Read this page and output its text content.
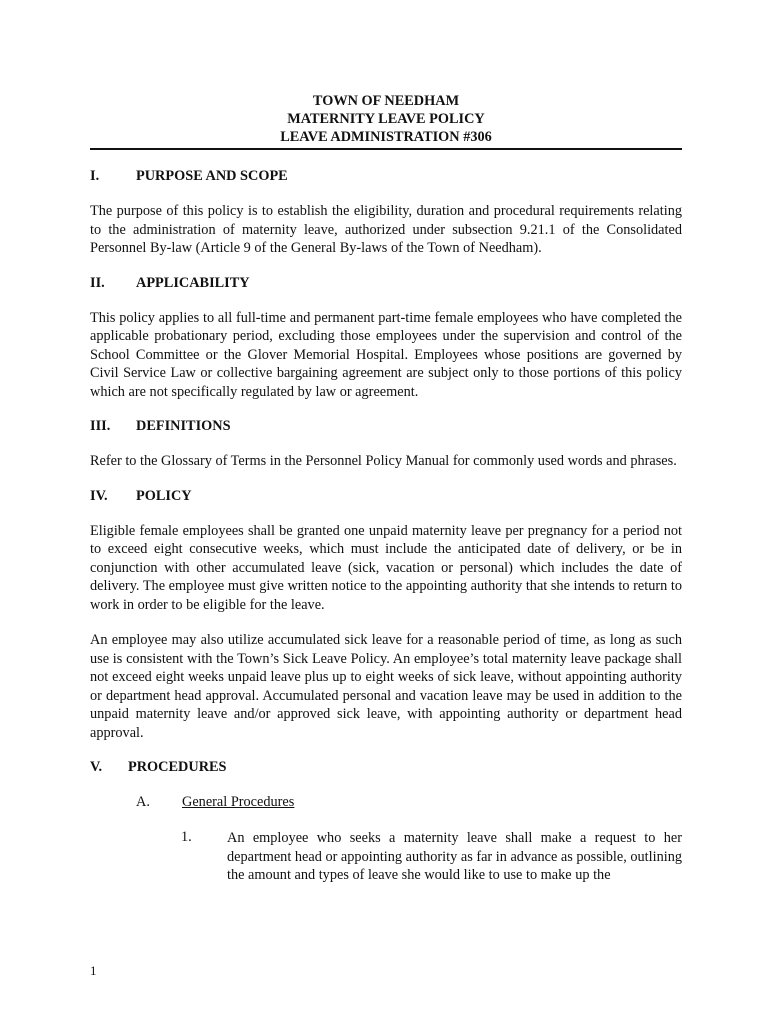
TOWN OF NEEDHAM
MATERNITY LEAVE POLICY
LEAVE ADMINISTRATION #306
I.	PURPOSE AND SCOPE

The purpose of this policy is to establish the eligibility, duration and procedural requirements relating to the administration of maternity leave, authorized under subsection 9.21.1 of the Consolidated Personnel By-law (Article 9 of the General By-laws of the Town of Needham).

II.	APPLICABILITY

This policy applies to all full-time and permanent part-time female employees who have completed the applicable probationary period, excluding those employees under the supervision and control of the School Committee or the Glover Memorial Hospital. Employees whose positions are governed by Civil Service Law or collective bargaining agreement are subject only to those portions of this policy which are not specifically regulated by law or agreement.

III.	DEFINITIONS

Refer to the Glossary of Terms in the Personnel Policy Manual for commonly used words and phrases.

IV.	POLICY

Eligible female employees shall be granted one unpaid maternity leave per pregnancy for a period not to exceed eight consecutive weeks, which must include the anticipated date of delivery, or be in conjunction with other accumulated leave (sick, vacation or personal) which includes the date of delivery. The employee must give written notice to the appointing authority that she intends to return to work in order to be eligible for the leave.

An employee may also utilize accumulated sick leave for a reasonable period of time, as long as such use is consistent with the Town’s Sick Leave Policy. An employee’s total maternity leave package shall not exceed eight weeks unpaid leave plus up to eight weeks of sick leave, without appointing authority or department head approval. Accumulated personal and vacation leave may be used in addition to the unpaid maternity leave and/or approved sick leave, with appointing authority or department head approval.

V.	PROCEDURES
A.	General Procedures
1.	An employee who seeks a maternity leave shall make a request to her department head or appointing authority as far in advance as possible, outlining the amount and types of leave she would like to use to make up the

1
